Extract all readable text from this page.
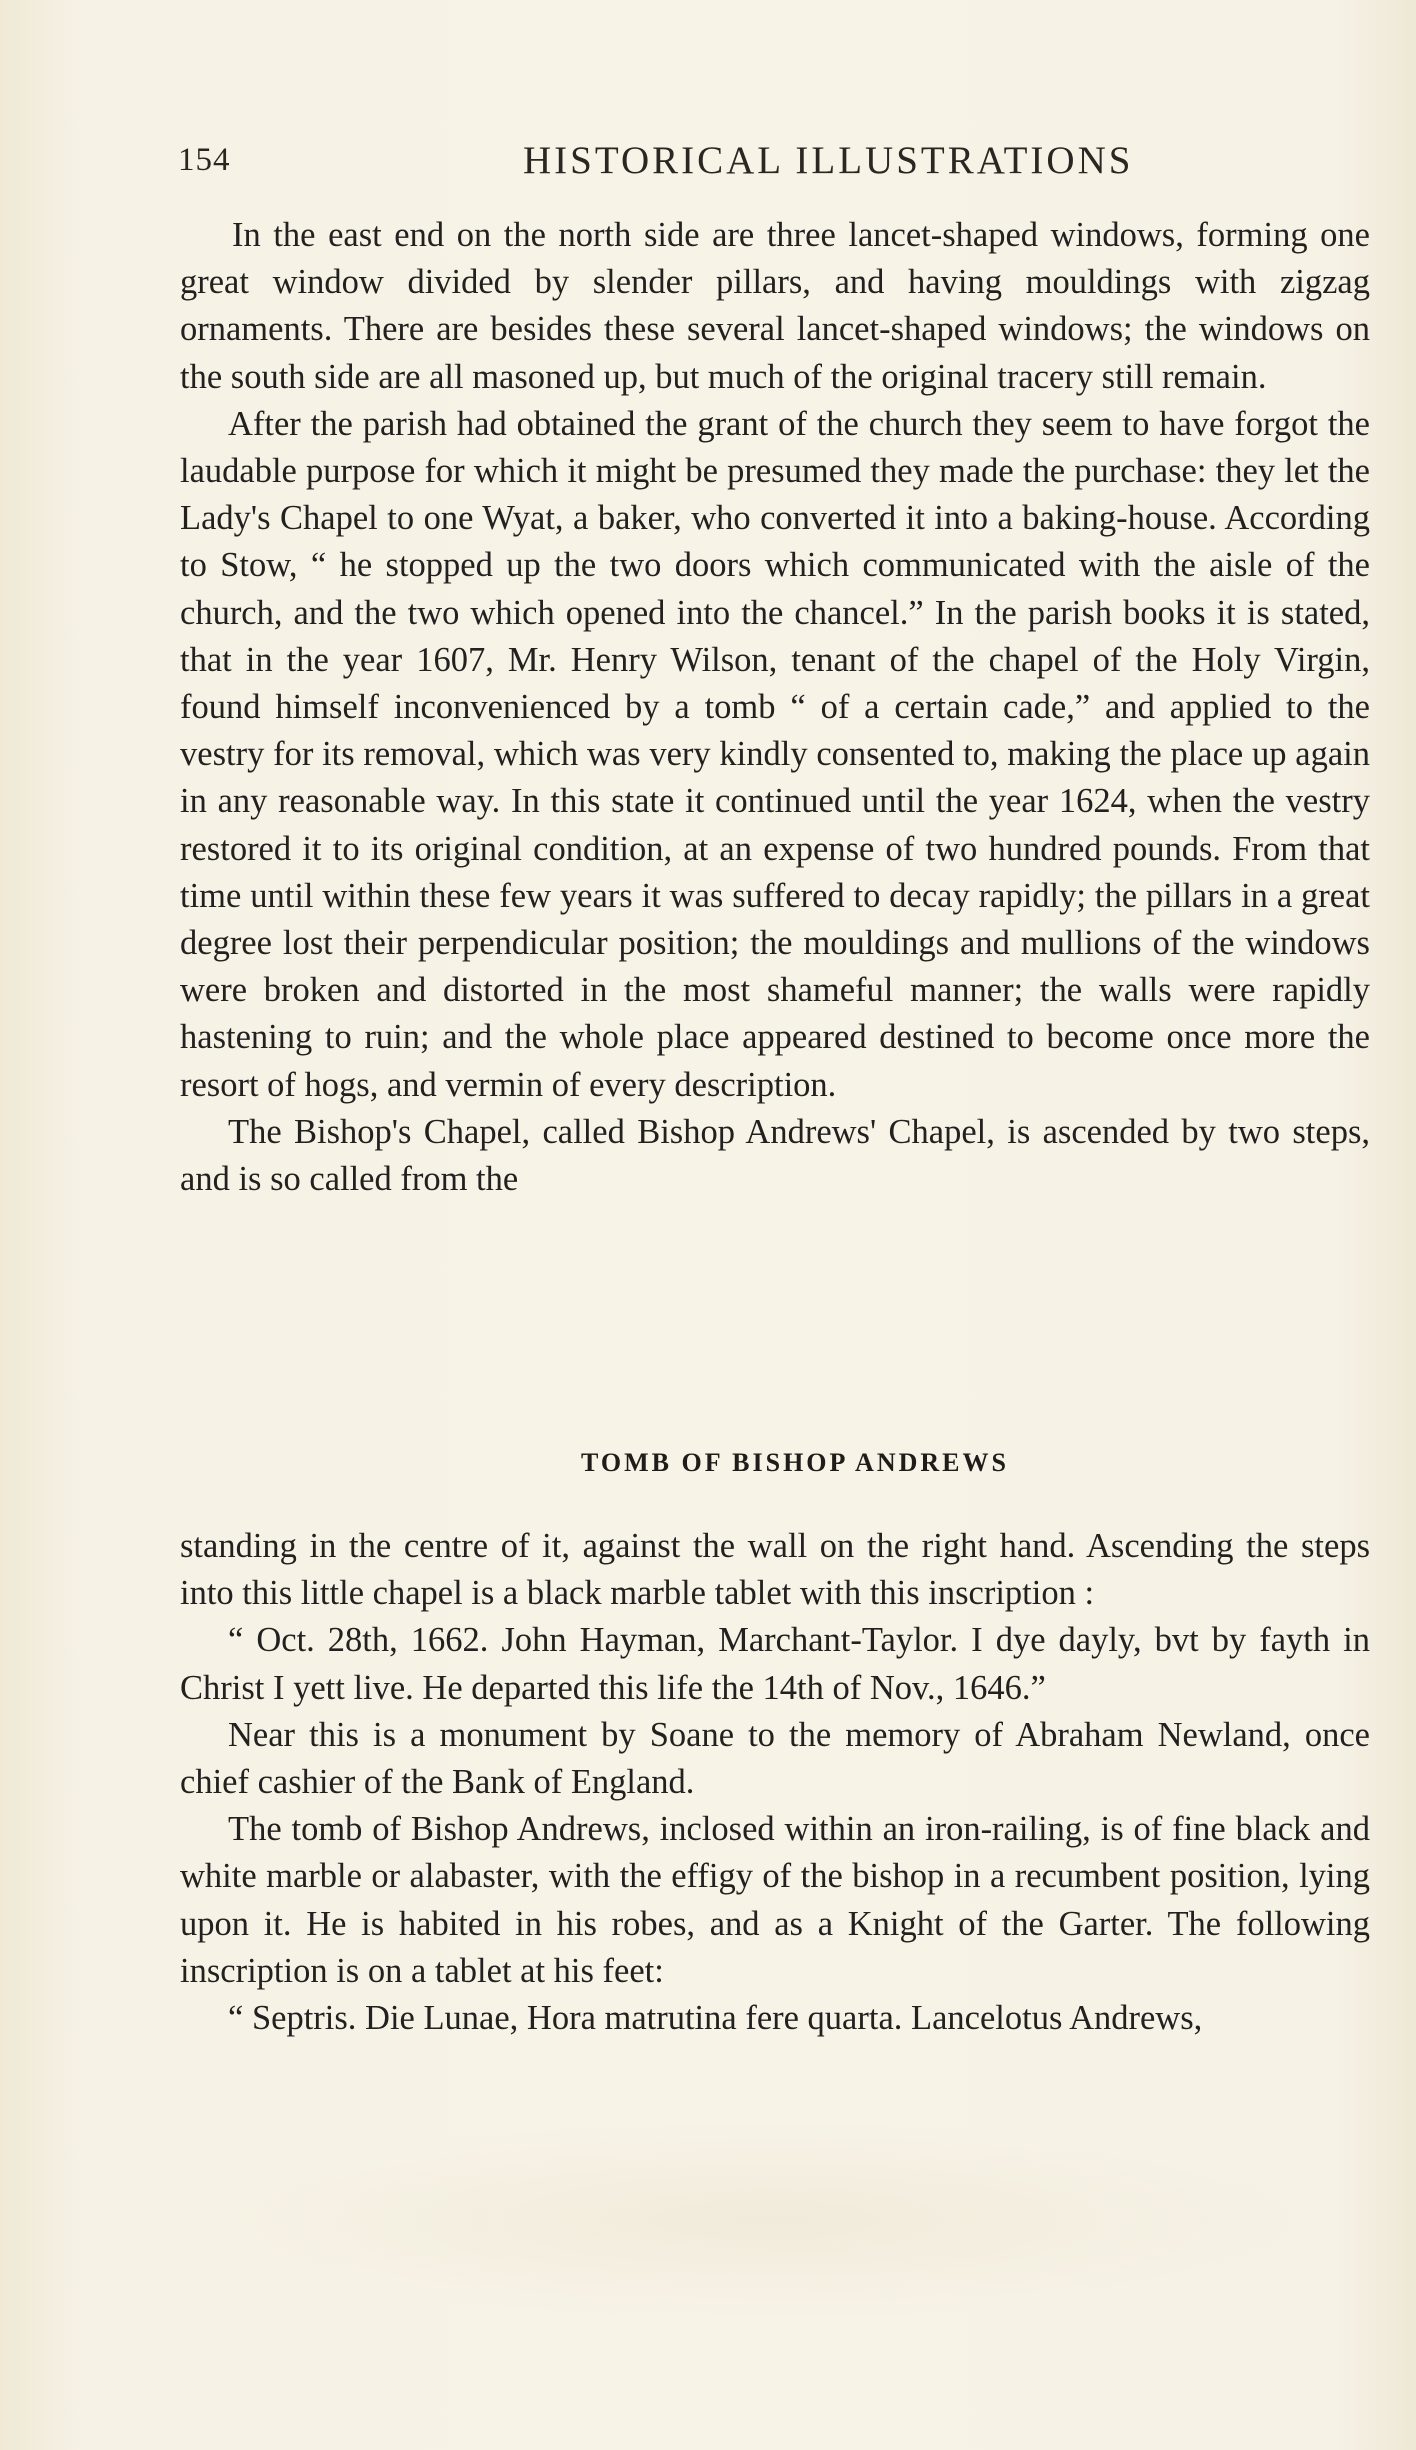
154	HISTORICAL ILLUSTRATIONS

In the east end on the north side are three lancet-shaped windows, forming one great window divided by slender pillars, and having mouldings with zigzag ornaments. There are besides these several lancet-shaped windows; the windows on the south side are all masoned up, but much of the original tracery still remain.

After the parish had obtained the grant of the church they seem to have forgot the laudable purpose for which it might be presumed they made the purchase: they let the Lady's Chapel to one Wyat, a baker, who converted it into a baking-house. According to Stow, “ he stopped up the two doors which communicated with the aisle of the church, and the two which opened into the chancel.” In the parish books it is stated, that in the year 1607, Mr. Henry Wilson, tenant of the chapel of the Holy Virgin, found himself inconvenienced by a tomb “ of a certain cade,” and applied to the vestry for its removal, which was very kindly consented to, making the place up again in any reasonable way. In this state it continued until the year 1624, when the vestry restored it to its original condition, at an expense of two hundred pounds. From that time until within these few years it was suffered to decay rapidly; the pillars in a great degree lost their perpendicular position; the mouldings and mullions of the windows were broken and distorted in the most shameful manner; the walls were rapidly hastening to ruin; and the whole place appeared destined to become once more the resort of hogs, and vermin of every description.

The Bishop's Chapel, called Bishop Andrews' Chapel, is ascended by two steps, and is so called from the

TOMB OF BISHOP ANDREWS

standing in the centre of it, against the wall on the right hand. Ascending the steps into this little chapel is a black marble tablet with this inscription :

“ Oct. 28th, 1662. John Hayman, Marchant-Taylor. I dye dayly, bvt by fayth in Christ I yett live. He departed this life the 14th of Nov., 1646.”

Near this is a monument by Soane to the memory of Abraham Newland, once chief cashier of the Bank of England.

The tomb of Bishop Andrews, inclosed within an iron-railing, is of fine black and white marble or alabaster, with the effigy of the bishop in a recumbent position, lying upon it. He is habited in his robes, and as a Knight of the Garter. The following inscription is on a tablet at his feet:

“ Septris. Die Lunae, Hora matrutina fere quarta. Lancelotus Andrews,
